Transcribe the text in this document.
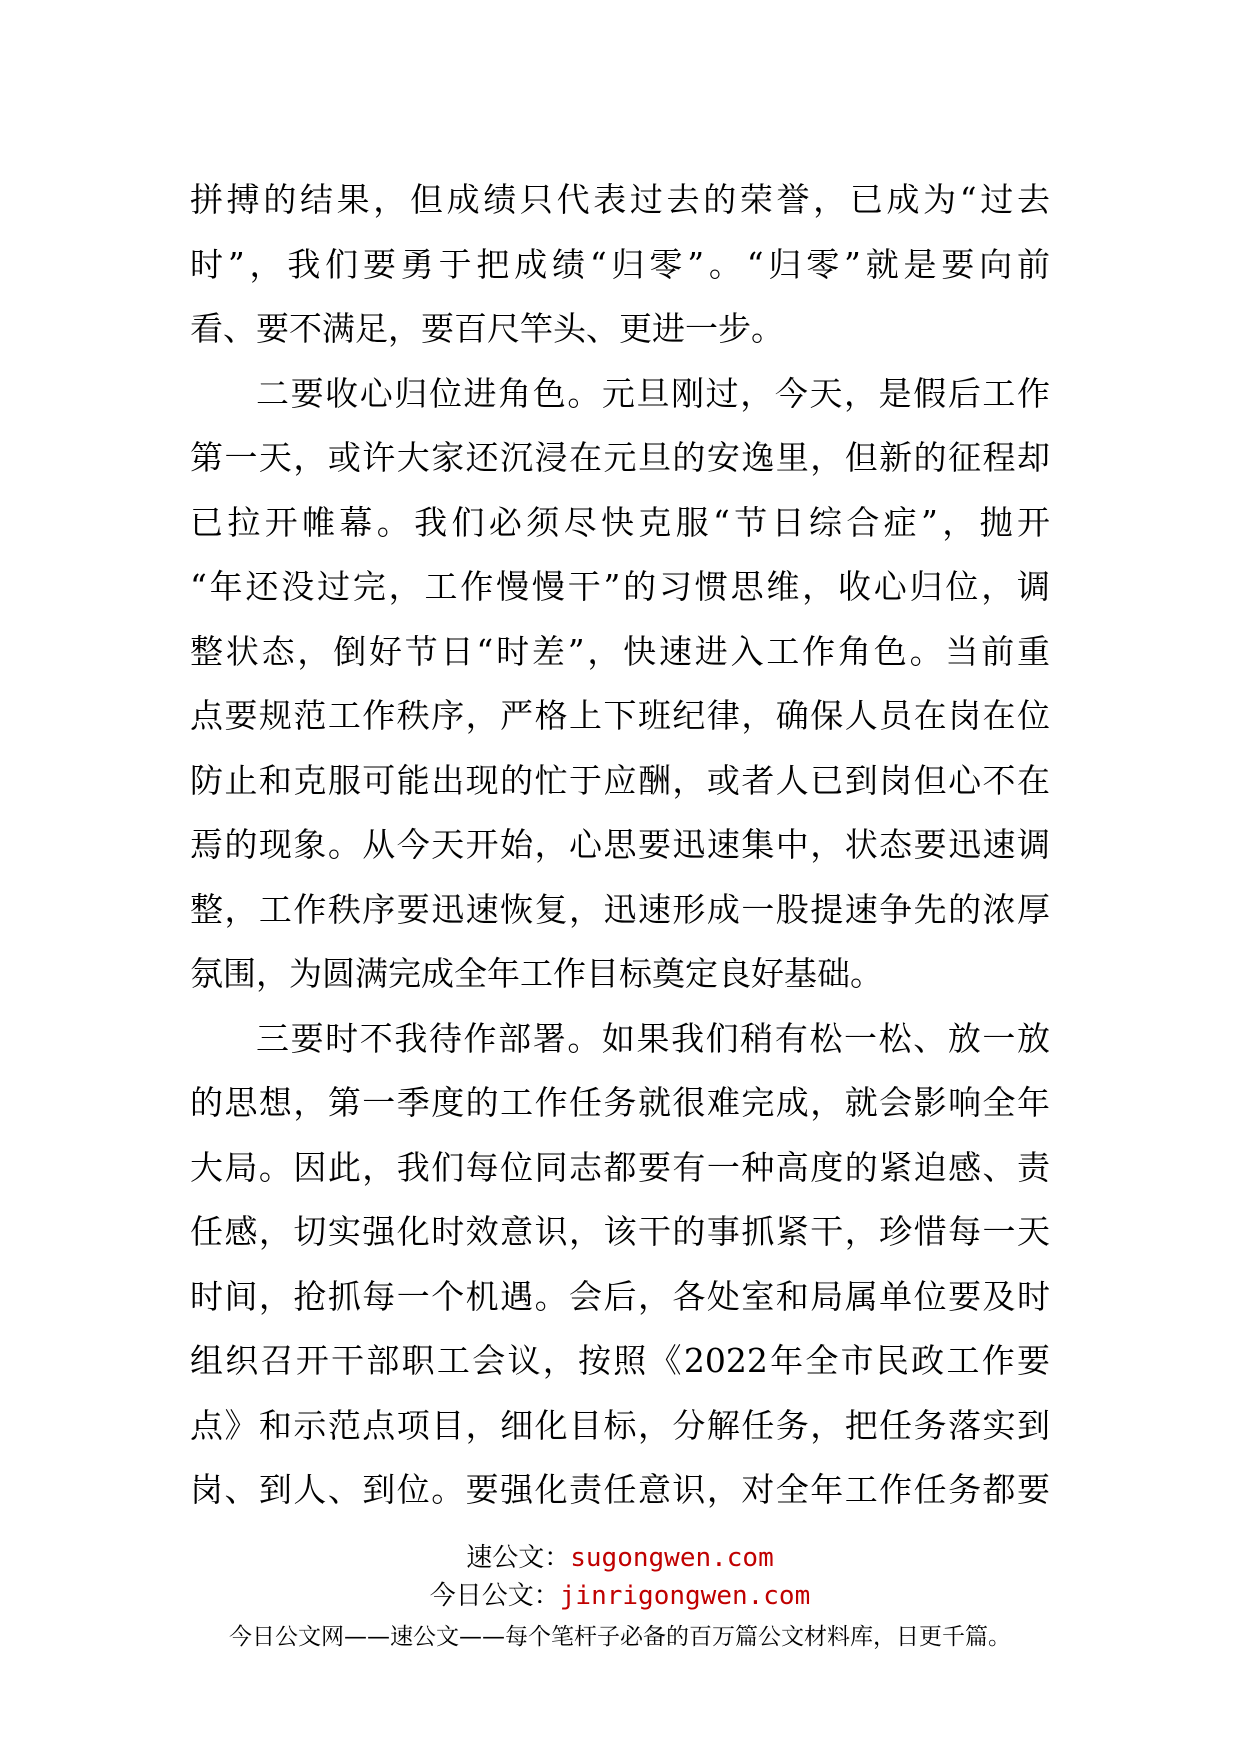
拼搏的结果，但成绩只代表过去的荣誉，已成为“过去
时”，我们要勇于把成绩“归零”。“归零”就是要向前
看、要不满足，要百尺竿头、更进一步。
二要收心归位进角色。元旦刚过，今天，是假后工作
第一天，或许大家还沉浸在元旦的安逸里，但新的征程却
已拉开帷幕。我们必须尽快克服“节日综合症”，抛开
“年还没过完，工作慢慢干”的习惯思维，收心归位，调
整状态，倒好节日“时差”，快速进入工作角色。当前重
点要规范工作秩序，严格上下班纪律，确保人员在岗在位
防止和克服可能出现的忙于应酬，或者人已到岗但心不在
焉的现象。从今天开始，心思要迅速集中，状态要迅速调
整，工作秩序要迅速恢复，迅速形成一股提速争先的浓厚
氛围，为圆满完成全年工作目标奠定良好基础。
三要时不我待作部署。如果我们稍有松一松、放一放
的思想，第一季度的工作任务就很难完成，就会影响全年
大局。因此，我们每位同志都要有一种高度的紧迫感、责
任感，切实强化时效意识，该干的事抓紧干，珍惜每一天
时间，抢抓每一个机遇。会后，各处室和局属单位要及时
组织召开干部职工会议，按照《2022年全市民政工作要
点》和示范点项目，细化目标，分解任务，把任务落实到
岗、到人、到位。要强化责任意识，对全年工作任务都要
速公文：sugongwen.com
今日公文：jinrigongwen.com
今日公文网——速公文——每个笔杆子必备的百万篇公文材料库，日更千篇。
